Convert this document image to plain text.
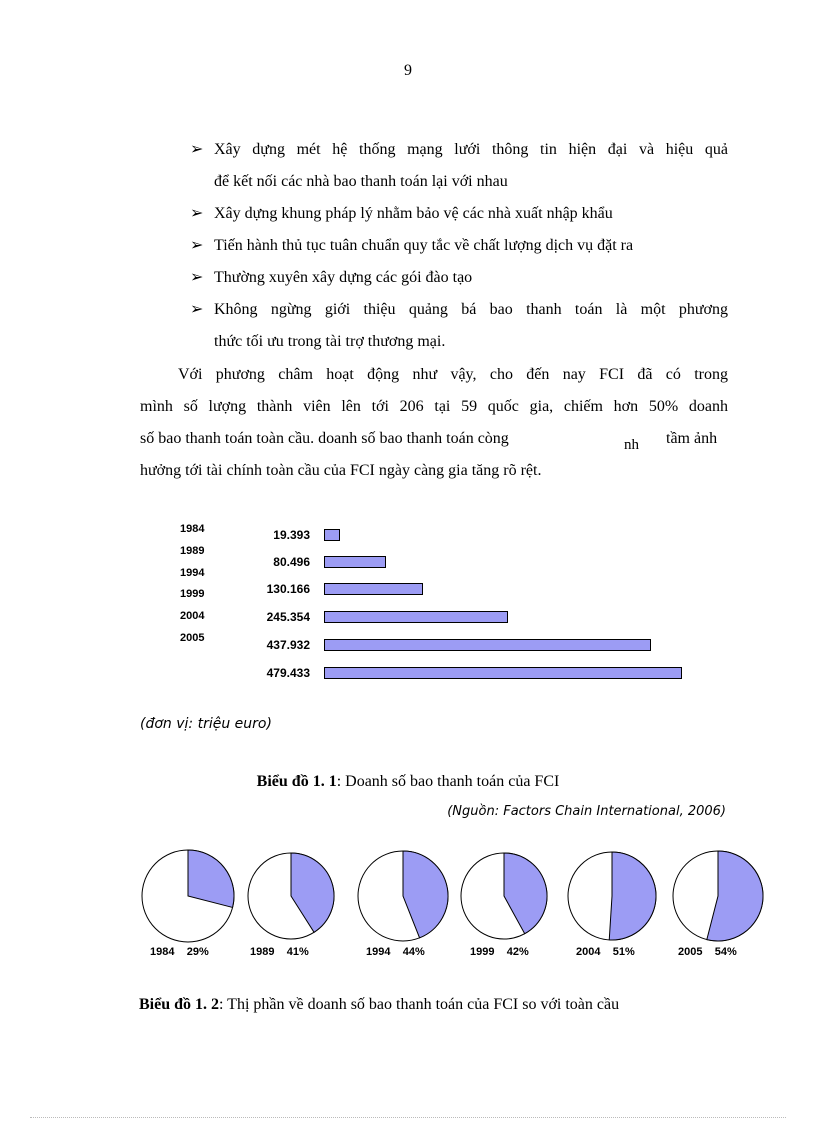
9
➢ Xây dựng mét hệ thống mạng lưới thông tin hiện đại và hiệu quả
để kết nối các nhà bao thanh toán lại với nhau
➢ Xây dựng khung pháp lý nhằm bảo vệ các nhà xuất nhập khẩu
➢ Tiến hành thủ tục tuân chuẩn quy tắc về chất lượng dịch vụ đặt ra
➢ Thường xuyên xây dựng các gói đào tạo
➢ Không ngừng giới thiệu quảng bá bao thanh toán là một phương
thức tối ưu trong tài trợ thương mại.
Với phương châm hoạt động như vậy, cho đến nay FCI đã có trong
mình số lượng thành viên lên tới 206 tại 59 quốc gia, chiếm hơn 50% doanh
số bao thanh toán toàn cầu. doanh số bao thanh toán còng	nh tầm ảnh
hưởng tới tài chính toàn cầu của FCI ngày càng gia tăng rõ rệt.
1984
1989
1994
1999
2004
2005
19.393
80.496
130.166
245.354
437.932
479.433
(đơn vị: triệu euro)
Biểu đồ 1. 1: Doanh số bao thanh toán của FCI
(Nguồn: Factors Chain International, 2006)
1984 29%	1989 41%	1994 44%	1999 42%	2004 51%	2005 54%
Biểu đồ 1. 2: Thị phần về doanh số bao thanh toán của FCI so với toàn cầu
